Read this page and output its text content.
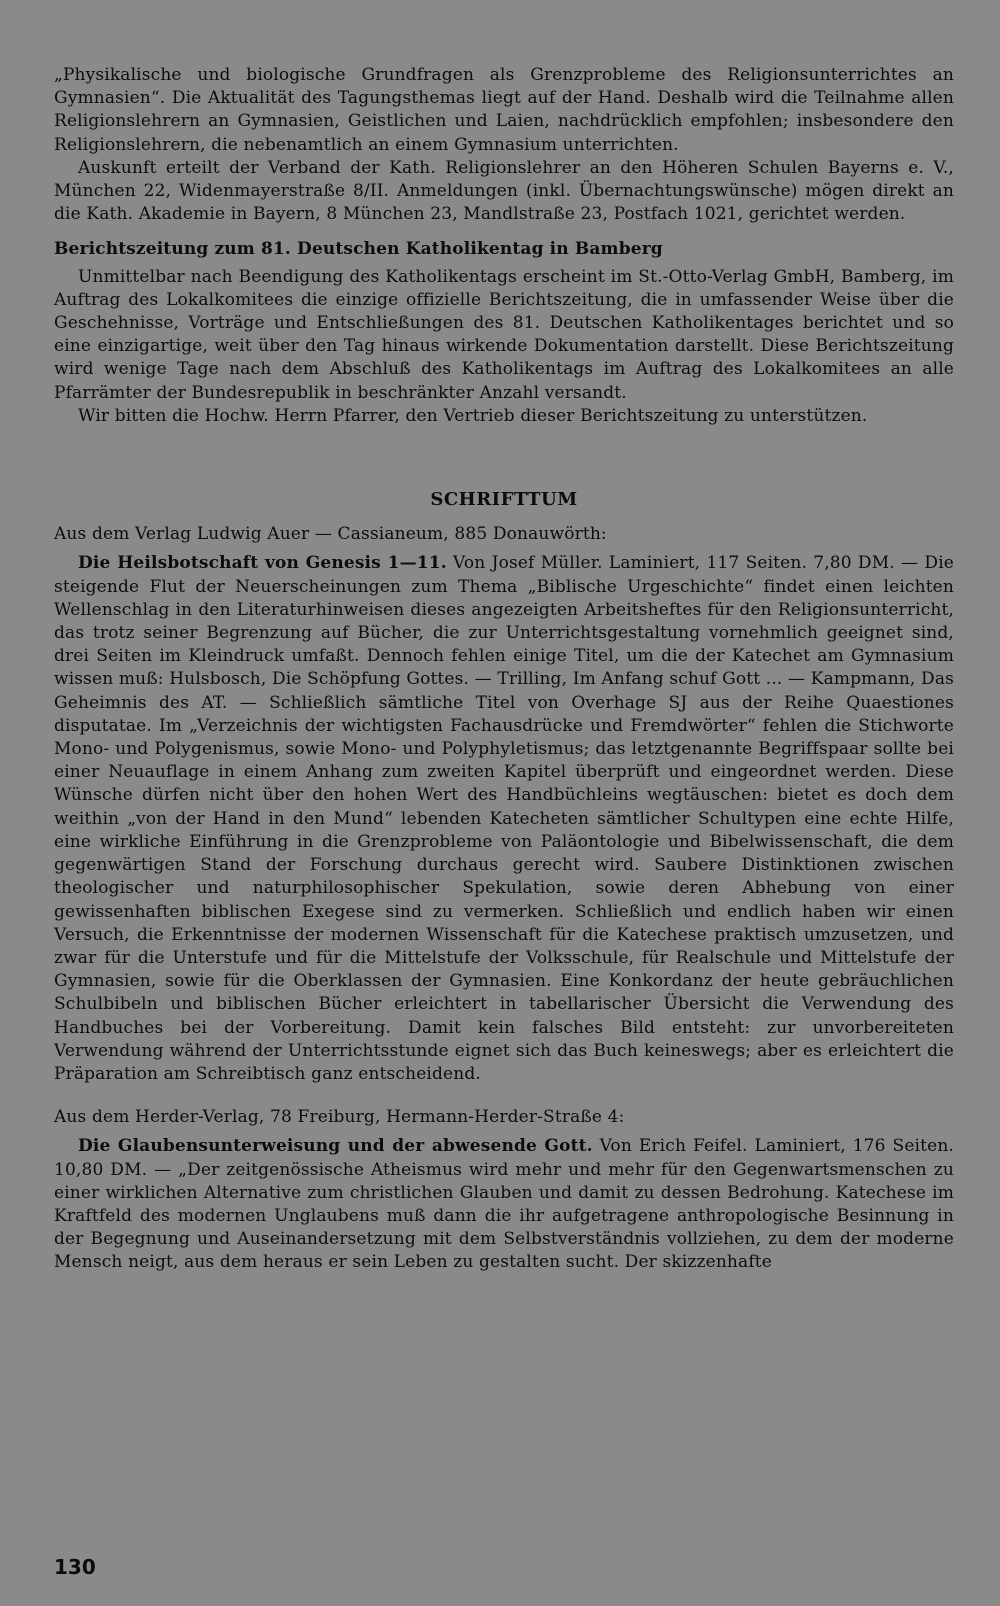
„Physikalische und biologische Grundfragen als Grenzprobleme des Religionsunterrichtes an Gymnasien“. Die Aktualität des Tagungsthemas liegt auf der Hand. Deshalb wird die Teilnahme allen Religionslehrern an Gymnasien, Geistlichen und Laien, nachdrücklich empfohlen; insbesondere den Religionslehrern, die nebenamtlich an einem Gymnasium unterrichten.

Auskunft erteilt der Verband der Kath. Religionslehrer an den Höheren Schulen Bayerns e. V., München 22, Widenmayerstraße 8/II. Anmeldungen (inkl. Übernachtungswünsche) mögen direkt an die Kath. Akademie in Bayern, 8 München 23, Mandlstraße 23, Postfach 1021, gerichtet werden.

Berichtszeitung zum 81. Deutschen Katholikentag in Bamberg

Unmittelbar nach Beendigung des Katholikentags erscheint im St.-Otto-Verlag GmbH, Bamberg, im Auftrag des Lokalkomitees die einzige offizielle Berichtszeitung, die in umfassender Weise über die Geschehnisse, Vorträge und Entschließungen des 81. Deutschen Katholikentages berichtet und so eine einzigartige, weit über den Tag hinaus wirkende Dokumentation darstellt. Diese Berichtszeitung wird wenige Tage nach dem Abschluß des Katholikentags im Auftrag des Lokalkomitees an alle Pfarrämter der Bundesrepublik in beschränkter Anzahl versandt.

Wir bitten die Hochw. Herrn Pfarrer, den Vertrieb dieser Berichtszeitung zu unterstützen.

SCHRIFTTUM

Aus dem Verlag Ludwig Auer — Cassianeum, 885 Donauwörth:

Die Heilsbotschaft von Genesis 1—11. Von Josef Müller. Laminiert, 117 Seiten. 7,80 DM. — Die steigende Flut der Neuerscheinungen zum Thema „Biblische Urgeschichte“ findet einen leichten Wellenschlag in den Literaturhinweisen dieses angezeigten Arbeitsheftes für den Religionsunterricht, das trotz seiner Begrenzung auf Bücher, die zur Unterrichtsgestaltung vornehmlich geeignet sind, drei Seiten im Kleindruck umfaßt. Dennoch fehlen einige Titel, um die der Katechet am Gymnasium wissen muß: Hulsbosch, Die Schöpfung Gottes. — Trilling, Im Anfang schuf Gott ... — Kampmann, Das Geheimnis des AT. — Schließlich sämtliche Titel von Overhage SJ aus der Reihe Quaestiones disputatae. Im „Verzeichnis der wichtigsten Fachausdrücke und Fremdwörter“ fehlen die Stichworte Mono- und Polygenismus, sowie Mono- und Polyphyletismus; das letztgenannte Begriffspaar sollte bei einer Neuauflage in einem Anhang zum zweiten Kapitel überprüft und eingeordnet werden. Diese Wünsche dürfen nicht über den hohen Wert des Handbüchleins wegtäuschen: bietet es doch dem weithin „von der Hand in den Mund“ lebenden Katecheten sämtlicher Schultypen eine echte Hilfe, eine wirkliche Einführung in die Grenzprobleme von Paläontologie und Bibelwissenschaft, die dem gegenwärtigen Stand der Forschung durchaus gerecht wird. Saubere Distinktionen zwischen theologischer und naturphilosophischer Spekulation, sowie deren Abhebung von einer gewissenhaften biblischen Exegese sind zu vermerken. Schließlich und endlich haben wir einen Versuch, die Erkenntnisse der modernen Wissenschaft für die Katechese praktisch umzusetzen, und zwar für die Unterstufe und für die Mittelstufe der Volksschule, für Realschule und Mittelstufe der Gymnasien, sowie für die Oberklassen der Gymnasien. Eine Konkordanz der heute gebräuchlichen Schulbibeln und biblischen Bücher erleichtert in tabellarischer Übersicht die Verwendung des Handbuches bei der Vorbereitung. Damit kein falsches Bild entsteht: zur unvorbereiteten Verwendung während der Unterrichtsstunde eignet sich das Buch keineswegs; aber es erleichtert die Präparation am Schreibtisch ganz entscheidend.

Aus dem Herder-Verlag, 78 Freiburg, Hermann-Herder-Straße 4:

Die Glaubensunterweisung und der abwesende Gott. Von Erich Feifel. Laminiert, 176 Seiten. 10,80 DM. — „Der zeitgenössische Atheismus wird mehr und mehr für den Gegenwartsmenschen zu einer wirklichen Alternative zum christlichen Glauben und damit zu dessen Bedrohung. Katechese im Kraftfeld des modernen Unglaubens muß dann die ihr aufgetragene anthropologische Besinnung in der Begegnung und Auseinandersetzung mit dem Selbstverständnis vollziehen, zu dem der moderne Mensch neigt, aus dem heraus er sein Leben zu gestalten sucht. Der skizzenhafte

130
